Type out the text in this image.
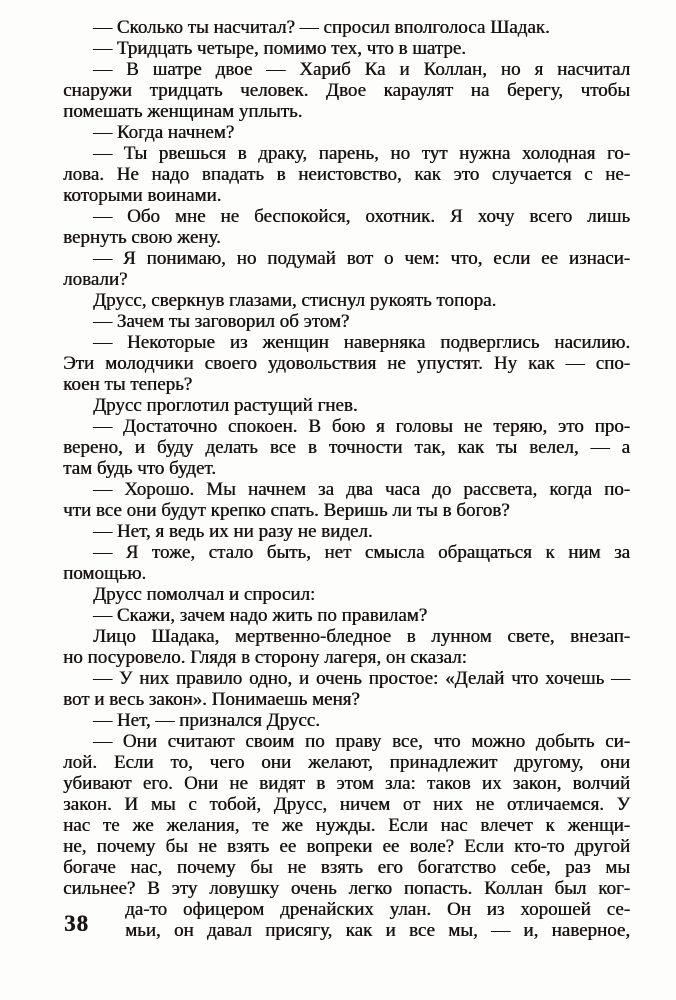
— Сколько ты насчитал? — спросил вполголоса Шадак.
— Тридцать четыре, помимо тех, что в шатре.
— В шатре двое — Хариб Ка и Коллан, но я насчитал
снаружи тридцать человек. Двое караулят на берегу, чтобы
помешать женщинам уплыть.
— Когда начнем?
— Ты рвешься в драку, парень, но тут нужна холодная го-
лова. Не надо впадать в неистовство, как это случается с не-
которыми воинами.
— Обо мне не беспокойся, охотник. Я хочу всего лишь
вернуть свою жену.
— Я понимаю, но подумай вот о чем: что, если ее изнаси-
ловали?
Друсс, сверкнув глазами, стиснул рукоять топора.
— Зачем ты заговорил об этом?
— Некоторые из женщин наверняка подверглись насилию.
Эти молодчики своего удовольствия не упустят. Ну как — спо-
коен ты теперь?
Друсс проглотил растущий гнев.
— Достаточно спокоен. В бою я головы не теряю, это про-
верено, и буду делать все в точности так, как ты велел, — а
там будь что будет.
— Хорошо. Мы начнем за два часа до рассвета, когда по-
чти все они будут крепко спать. Веришь ли ты в богов?
— Нет, я ведь их ни разу не видел.
— Я тоже, стало быть, нет смысла обращаться к ним за
помощью.
Друсс помолчал и спросил:
— Скажи, зачем надо жить по правилам?
Лицо Шадака, мертвенно-бледное в лунном свете, внезап-
но посуровело. Глядя в сторону лагеря, он сказал:
— У них правило одно, и очень простое: «Делай что хочешь —
вот и весь закон». Понимаешь меня?
— Нет, — признался Друсс.
— Они считают своим по праву все, что можно добыть си-
лой. Если то, чего они желают, принадлежит другому, они
убивают его. Они не видят в этом зла: таков их закон, волчий
закон. И мы с тобой, Друсс, ничем от них не отличаемся. У
нас те же желания, те же нужды. Если нас влечет к женщи-
не, почему бы не взять ее вопреки ее воле? Если кто-то другой
богаче нас, почему бы не взять его богатство себе, раз мы
сильнее? В эту ловушку очень легко попасть. Коллан был ког-
да-то офицером дренайских улан. Он из хорошей се-
мьи, он давал присягу, как и все мы, — и, наверное,
38
